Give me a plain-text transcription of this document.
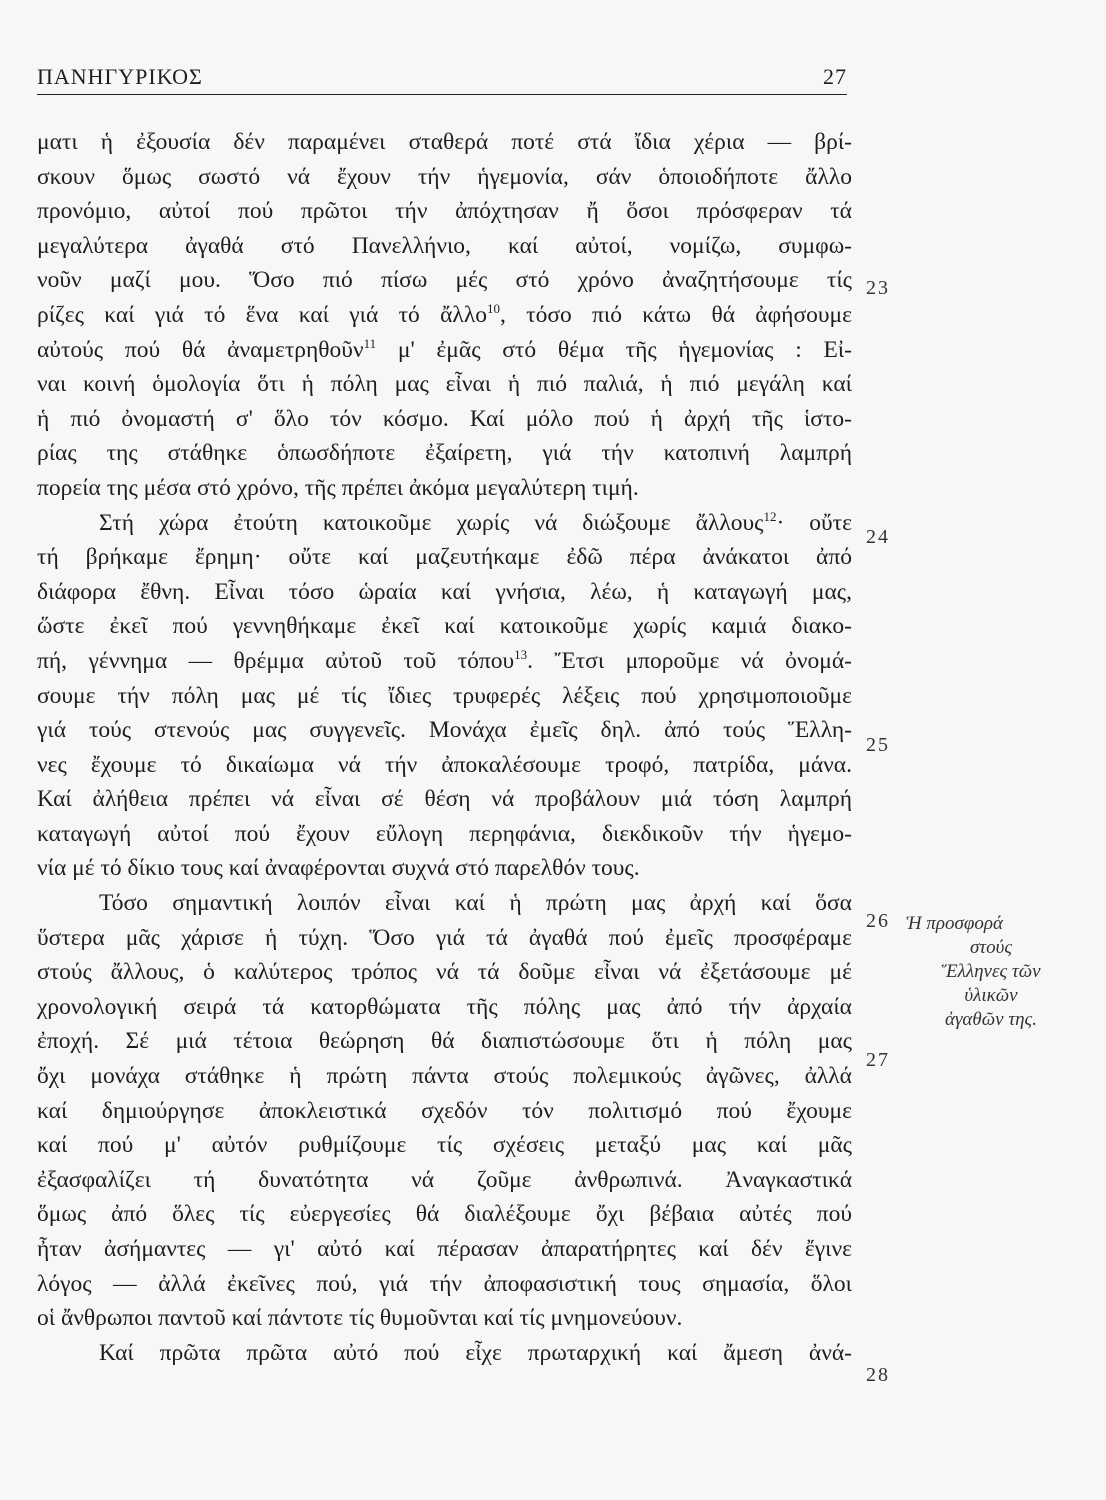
ΠΑΝΗΓΥΡΙΚΟΣ	27
ματι ἡ ἐξουσία δέν παραμένει σταθερά ποτέ στά ἴδια χέρια — βρί-
σκουν ὅμως σωστό νά ἔχουν τήν ἡγεμονία, σάν ὁποιοδήποτε ἄλλο
προνόμιο, αὐτοί πού πρῶτοι τήν ἀπόχτησαν ἤ ὅσοι πρόσφεραν τά
μεγαλύτερα ἀγαθά στό Πανελλήνιο, καί αὐτοί, νομίζω, συμφω-
νοῦν μαζί μου. Ὅσο πιό πίσω μές στό χρόνο ἀναζητήσουμε τίς
ρίζες καί γιά τό ἕνα καί γιά τό ἄλλο$^{10}$, τόσο πιό κάτω θά ἀφήσουμε
αὐτούς πού θά ἀναμετρηθοῦν$^{11}$ μ' ἐμᾶς στό θέμα τῆς ἡγεμονίας : Εἰ-
ναι κοινή ὁμολογία ὅτι ἡ πόλη μας εἶναι ἡ πιό παλιά, ἡ πιό μεγάλη καί
ἡ πιό ὀνομαστή σ' ὅλο τόν κόσμο. Καί μόλο πού ἡ ἀρχή τῆς ἱστο-
ρίας της στάθηκε ὁπωσδήποτε ἐξαίρετη, γιά τήν κατοπινή λαμπρή
πορεία της μέσα στό χρόνο, τῆς πρέπει ἀκόμα μεγαλύτερη τιμή.
Στή χώρα ἐτούτη κατοικοῦμε χωρίς νά διώξουμε ἄλλους$^{12}$· οὔτε
τή βρήκαμε ἔρημη· οὔτε καί μαζευτήκαμε ἐδῶ πέρα ἀνάκατοι ἀπό
διάφορα ἔθνη. Εἶναι τόσο ὡραία καί γνήσια, λέω, ἡ καταγωγή μας,
ὥστε ἐκεῖ πού γεννηθήκαμε ἐκεῖ καί κατοικοῦμε χωρίς καμιά διακο-
πή, γέννημα — θρέμμα αὐτοῦ τοῦ τόπου$^{13}$. Ἔτσι μποροῦμε νά ὀνομά-
σουμε τήν πόλη μας μέ τίς ἴδιες τρυφερές λέξεις πού χρησιμοποιοῦμε
γιά τούς στενούς μας συγγενεῖς. Μονάχα ἐμεῖς δηλ. ἀπό τούς Ἕλλη-
νες ἔχουμε τό δικαίωμα νά τήν ἀποκαλέσουμε τροφό, πατρίδα, μάνα.
Καί ἀλήθεια πρέπει νά εἶναι σέ θέση νά προβάλουν μιά τόση λαμπρή
καταγωγή αὐτοί πού ἔχουν εὔλογη περηφάνια, διεκδικοῦν τήν ἡγεμο-
νία μέ τό δίκιο τους καί ἀναφέρονται συχνά στό παρελθόν τους.
Τόσο σημαντική λοιπόν εἶναι καί ἡ πρώτη μας ἀρχή καί ὅσα
ὕστερα μᾶς χάρισε ἡ τύχη. Ὅσο γιά τά ἀγαθά πού ἐμεῖς προσφέραμε
στούς ἄλλους, ὁ καλύτερος τρόπος νά τά δοῦμε εἶναι νά ἐξετάσουμε μέ
χρονολογική σειρά τά κατορθώματα τῆς πόλης μας ἀπό τήν ἀρχαία
ἐποχή. Σέ μιά τέτοια θεώρηση θά διαπιστώσουμε ὅτι ἡ πόλη μας
ὄχι μονάχα στάθηκε ἡ πρώτη πάντα στούς πολεμικούς ἀγῶνες, ἀλλά
καί δημιούργησε ἀποκλειστικά σχεδόν τόν πολιτισμό πού ἔχουμε
καί πού μ' αὐτόν ρυθμίζουμε τίς σχέσεις μεταξύ μας καί μᾶς
ἐξασφαλίζει τή δυνατότητα νά ζοῦμε ἀνθρωπινά. Ἀναγκαστικά
ὅμως ἀπό ὅλες τίς εὐεργεσίες θά διαλέξουμε ὄχι βέβαια αὐτές πού
ἦταν ἀσήμαντες — γι' αὐτό καί πέρασαν ἀπαρατήρητες καί δέν ἔγινε
λόγος — ἀλλά ἐκεῖνες πού, γιά τήν ἀποφασιστική τους σημασία, ὅλοι
οἱ ἄνθρωποι παντοῦ καί πάντοτε τίς θυμοῦνται καί τίς μνημονεύουν.
Καί πρῶτα πρῶτα αὐτό πού εἶχε πρωταρχική καί ἄμεση ἀνά-
23
24
25
26
27
28
Ἡ προσφορά
στούς
Ἕλληνες τῶν
ὑλικῶν
ἀγαθῶν της.
